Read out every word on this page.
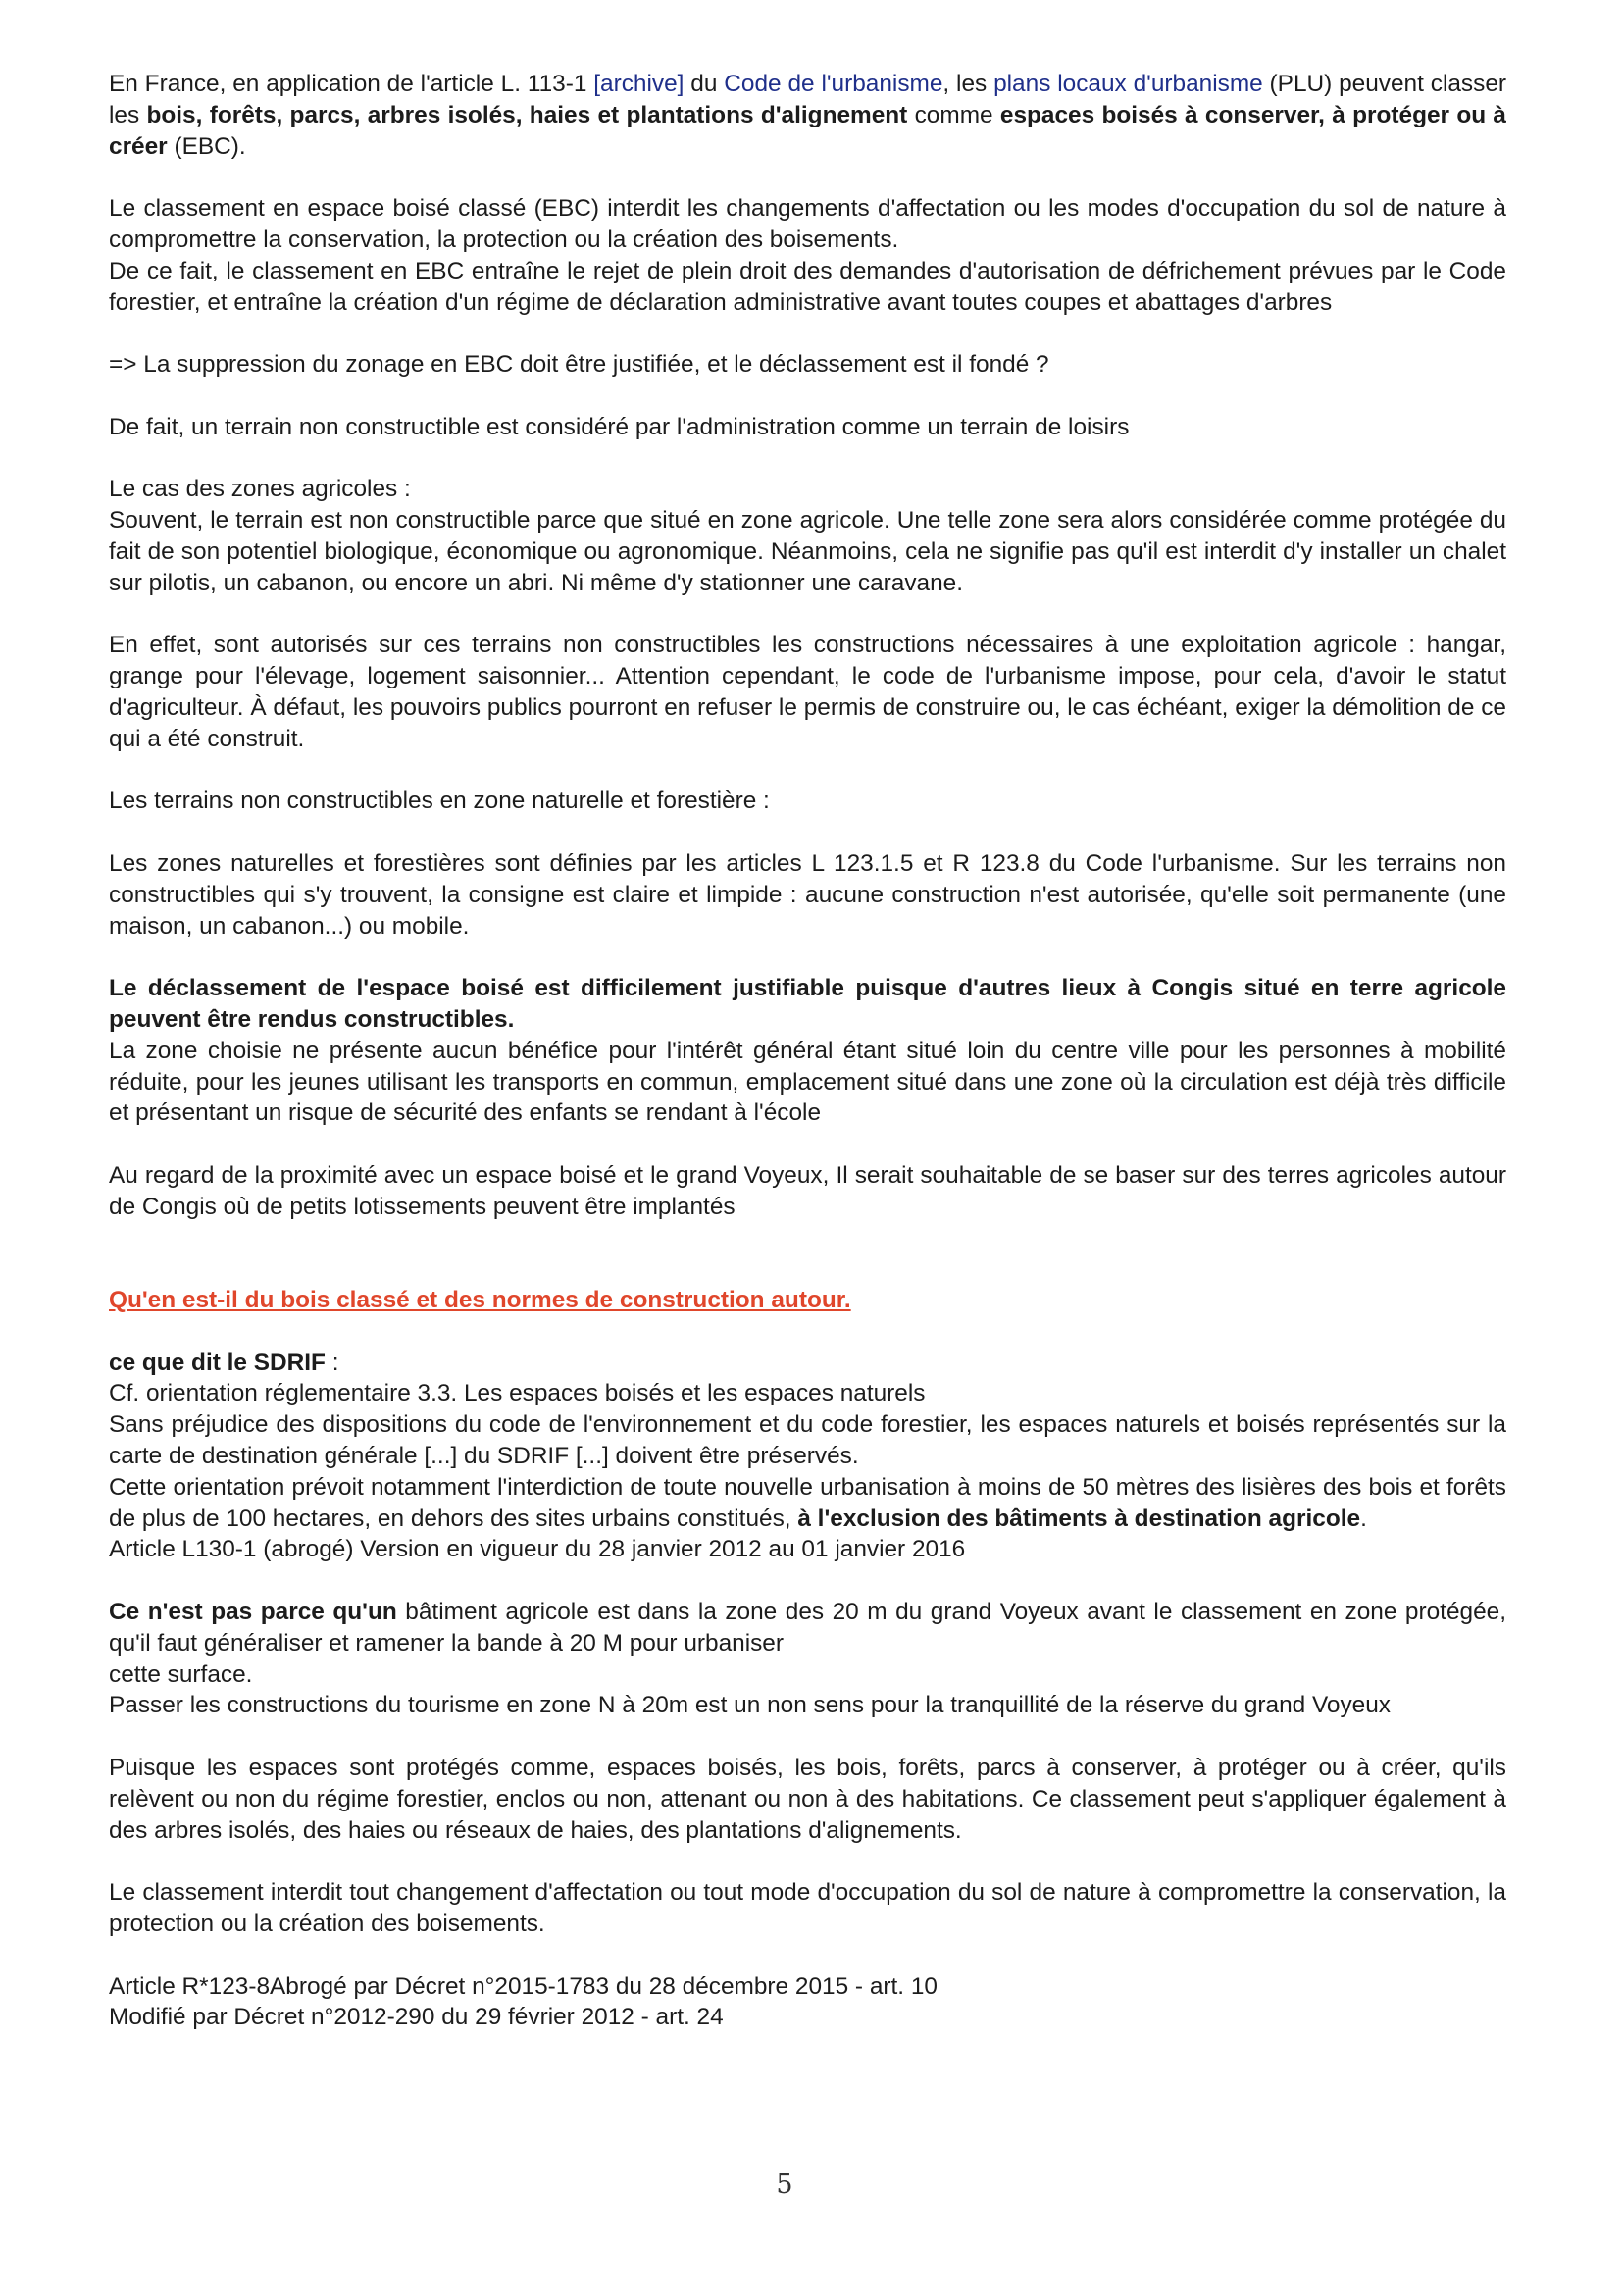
En France, en application de l'article L. 113-1 [archive] du Code de l'urbanisme, les plans locaux d'urbanisme (PLU) peuvent classer les bois, forêts, parcs, arbres isolés, haies et plantations d'alignement comme espaces boisés à conserver, à protéger ou à créer (EBC).

Le classement en espace boisé classé (EBC) interdit les changements d'affectation ou les modes d'occupation du sol de nature à compromettre la conservation, la protection ou la création des boisements.

De ce fait, le classement en EBC entraîne le rejet de plein droit des demandes d'autorisation de défrichement prévues par le Code forestier, et entraîne la création d'un régime de déclaration administrative avant toutes coupes et abattages d'arbres

=> La suppression du zonage en EBC doit être justifiée, et le déclassement est il fondé ?

De fait, un terrain non constructible est considéré par l'administration comme un terrain de loisirs

Le cas des zones agricoles :

Souvent, le terrain est non constructible parce que situé en zone agricole. Une telle zone sera alors considérée comme protégée du fait de son potentiel biologique, économique ou agronomique. Néanmoins, cela ne signifie pas qu'il est interdit d'y installer un chalet sur pilotis, un cabanon, ou encore un abri. Ni même d'y stationner une caravane.

En effet, sont autorisés sur ces terrains non constructibles les constructions nécessaires à une exploitation agricole : hangar, grange pour l'élevage, logement saisonnier... Attention cependant, le code de l'urbanisme impose, pour cela, d'avoir le statut d'agriculteur. À défaut, les pouvoirs publics pourront en refuser le permis de construire ou, le cas échéant, exiger la démolition de ce qui a été construit.

Les terrains non constructibles en zone naturelle et forestière :

Les zones naturelles et forestières sont définies par les articles L 123.1.5 et R 123.8 du Code l'urbanisme. Sur les terrains non constructibles qui s'y trouvent, la consigne est claire et limpide : aucune construction n'est autorisée, qu'elle soit permanente (une maison, un cabanon...) ou mobile.

Le déclassement de l'espace boisé est difficilement justifiable puisque d'autres lieux à Congis situé en terre agricole peuvent être rendus constructibles.

La zone choisie ne présente aucun bénéfice pour l'intérêt général étant situé loin du centre ville pour les personnes à mobilité réduite, pour les jeunes utilisant les transports en commun, emplacement situé dans une zone où la circulation est déjà très difficile et présentant un risque de sécurité des enfants se rendant à l'école

Au regard de la proximité avec un espace boisé et le grand Voyeux, Il serait souhaitable de se baser sur des terres agricoles autour de Congis où de petits lotissements peuvent être implantés

Qu'en est-il du bois classé et des normes de construction autour.

ce que dit le SDRIF :

Cf. orientation réglementaire 3.3. Les espaces boisés et les espaces naturels

Sans préjudice des dispositions du code de l'environnement et du code forestier, les espaces naturels et boisés représentés sur la carte de destination générale [...] du SDRIF [...] doivent être préservés.

Cette orientation prévoit notamment l'interdiction de toute nouvelle urbanisation à moins de 50 mètres des lisières des bois et forêts de plus de 100 hectares, en dehors des sites urbains constitués, à l'exclusion des bâtiments à destination agricole.

Article L130-1 (abrogé) Version en vigueur du 28 janvier 2012 au 01 janvier 2016

Ce n'est pas parce qu'un bâtiment agricole est dans la zone des 20 m du grand Voyeux avant le classement en zone protégée, qu'il faut généraliser et ramener la bande à 20 M pour urbaniser

cette surface.

Passer les constructions du tourisme en zone N à 20m est un non sens pour la tranquillité de la réserve du grand Voyeux

Puisque les espaces sont protégés comme, espaces boisés, les bois, forêts, parcs à conserver, à protéger ou à créer, qu'ils relèvent ou non du régime forestier, enclos ou non, attenant ou non à des habitations. Ce classement peut s'appliquer également à des arbres isolés, des haies ou réseaux de haies, des plantations d'alignements.

Le classement interdit tout changement d'affectation ou tout mode d'occupation du sol de nature à compromettre la conservation, la protection ou la création des boisements.

Article R*123-8Abrogé par Décret n°2015-1783 du 28 décembre 2015 - art. 10

Modifié par Décret n°2012-290 du 29 février 2012 - art. 24

5
